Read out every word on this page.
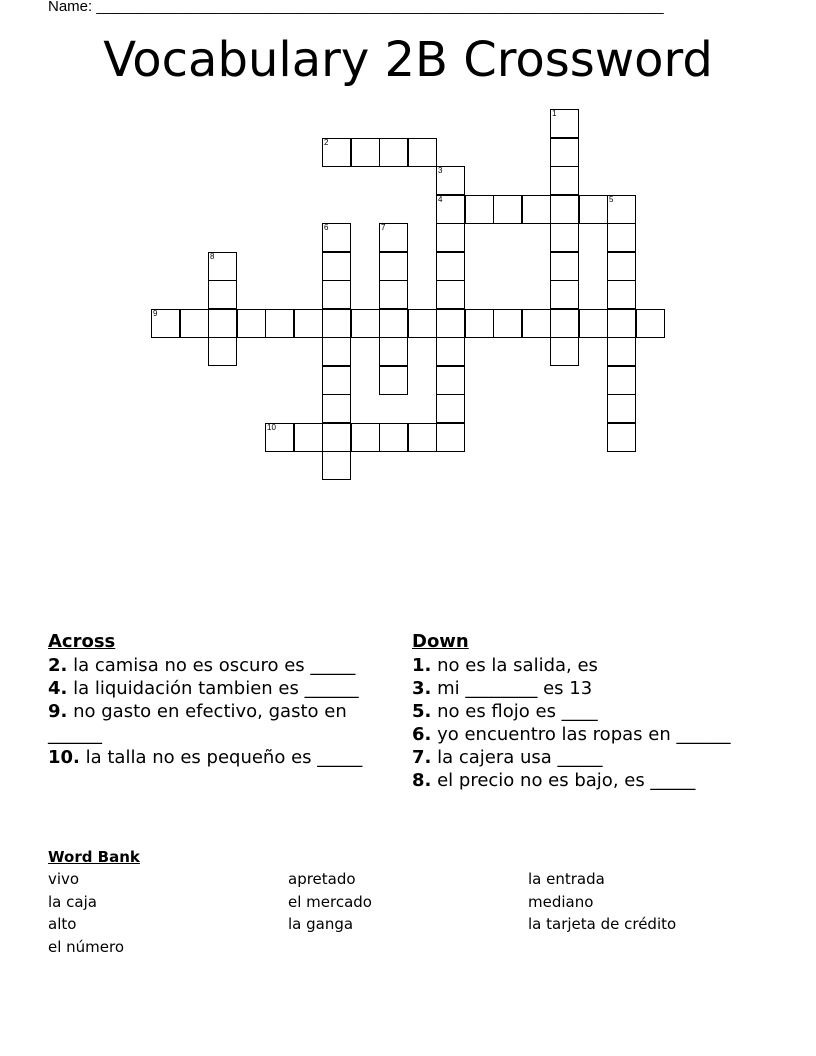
Name: ____________________________________________________________________
Vocabulary 2B Crossword
1
2
3
4	5
6	7
8
9
10
Across
2. la camisa no es oscuro es _____
4. la liquidación tambien es ______
9. no gasto en efectivo, gasto en ______
10. la talla no es pequeño es _____
Down
1. no es la salida, es
3. mi ________ es 13
5. no es flojo es ____
6. yo encuentro las ropas en ______
7. la cajera usa _____
8. el precio no es bajo, es _____
Word Bank
vivo
la caja
alto
el número
apretado
el mercado
la ganga
la entrada
mediano
la tarjeta de crédito
